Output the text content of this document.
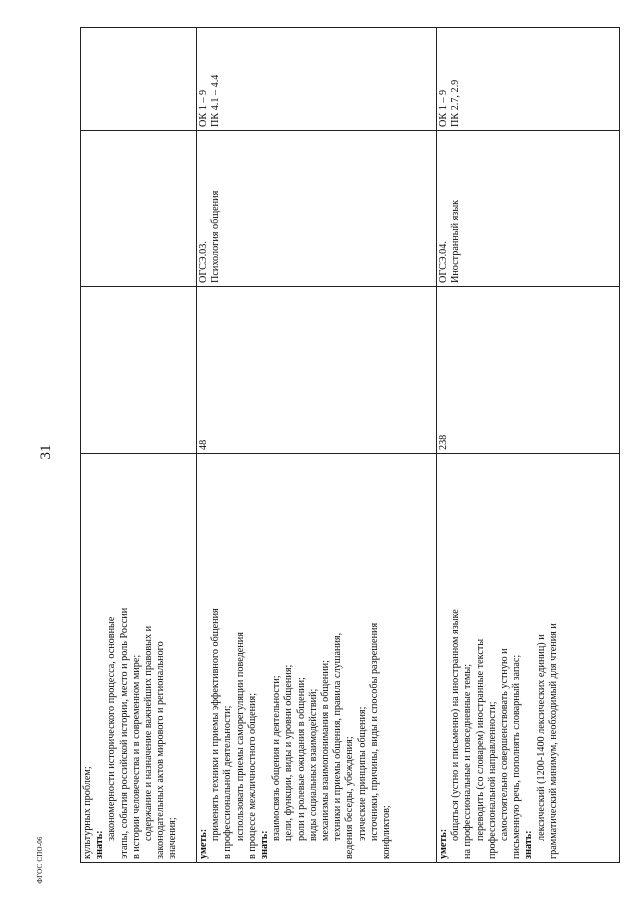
31
ФГОС СПО-06
культурных проблем; знать:
закономерности исторического процесса, основные этапы, события российской истории, место и роль России в истории человечества и в современном мире; содержание и назначение важнейших правовых и законодательных актов мирового и регионального значения; уметь:
применять техники и приемы эффективного общения в профессиональной деятельности; использовать приемы саморегуляции поведения в процессе межличностного общения; знать:
взаимосвязь общения и деятельности; цели, функции, виды и уровни общения; роли и ролевые ожидания в общении; виды социальных взаимодействий; механизмы взаимопонимания в общении; техники и приемы общения, правила слушания, ведения беседы, убеждения; этические принципы общения; источники, причины, виды и способы разрешения конфликтов;
48
ОГСЭ.03. Психология общения
ОК 1 – 9 ПК 4.1 – 4.4
уметь:
общаться (устно и письменно) на иностранном языке на профессиональные и повседневные темы; переводить (со словарем) иностранные тексты профессиональной направленности; самостоятельно совершенствовать устную и письменную речь, пополнять словарный запас; знать:
лексический (1200-1400 лексических единиц) и грамматический минимум, необходимый для чтения и
238
ОГСЭ.04. Иностранный язык
ОК 1 – 9 ПК 2.7, 2.9
